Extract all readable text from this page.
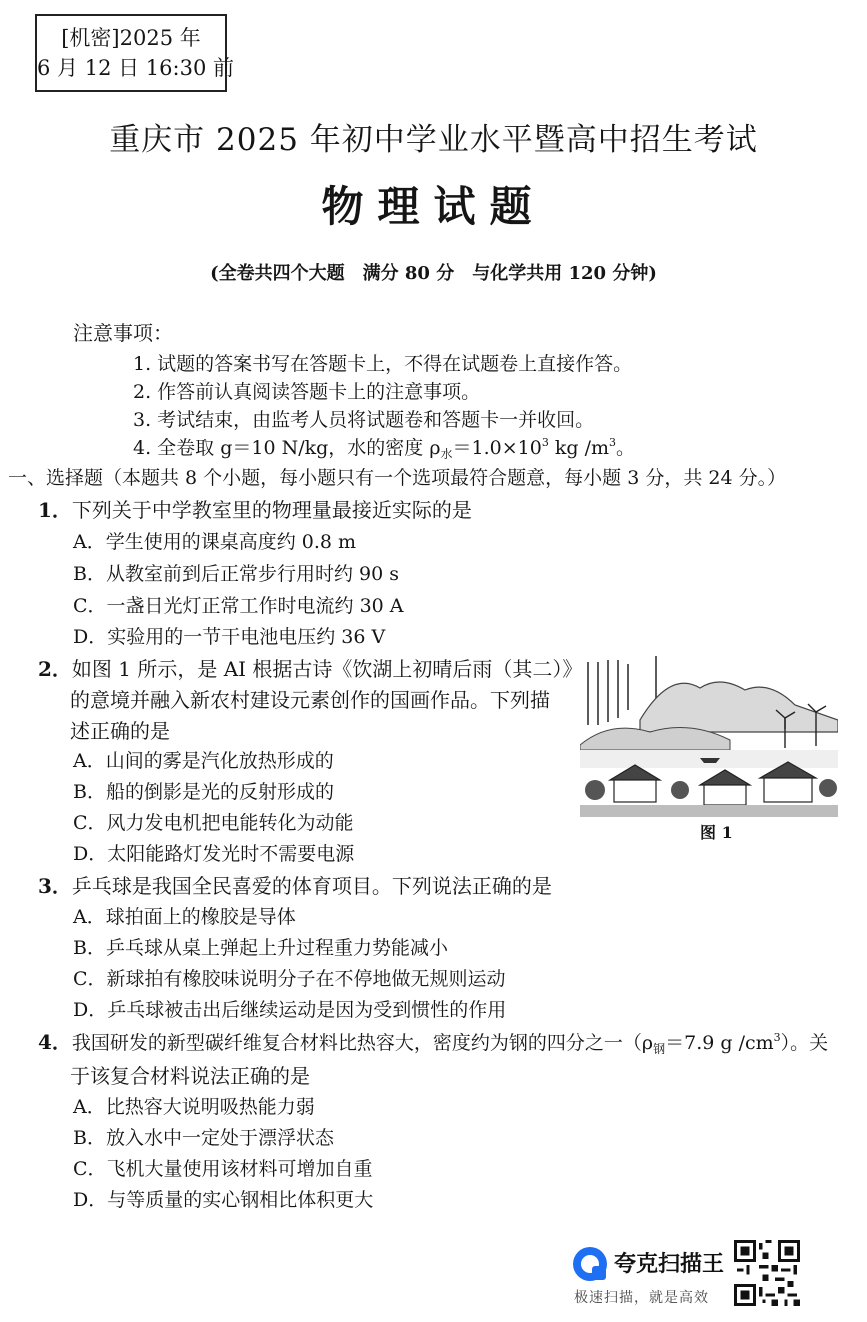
[机密]2025 年
6 月 12 日 16:30 前
重庆市 2025 年初中学业水平暨高中招生考试
物理试题
(全卷共四个大题　满分 80 分　与化学共用 120 分钟)
注意事项：
1. 试题的答案书写在答题卡上，不得在试题卷上直接作答。
2. 作答前认真阅读答题卡上的注意事项。
3. 考试结束，由监考人员将试题卷和答题卡一并收回。
4. 全卷取 g＝10 N/kg，水的密度 $\rho_水=1.0\times 10^3$ kg $/m^3$。
一、选择题（本题共 8 个小题，每小题只有一个选项最符合题意，每小题 3 分，共 24 分。）
1．下列关于中学教室里的物理量最接近实际的是
A．学生使用的课桌高度约 0.8 m
B．从教室前到后正常步行用时约 90 s
C．一盏日光灯正常工作时电流约 30 A
D．实验用的一节干电池电压约 36 V
2．如图 1 所示，是 AI 根据古诗《饮湖上初晴后雨（其二）》
的意境并融入新农村建设元素创作的国画作品。下列描
述正确的是
A．山间的雾是汽化放热形成的
B．船的倒影是光的反射形成的
C．风力发电机把电能转化为动能
D．太阳能路灯发光时不需要电源
图 1
3．乒乓球是我国全民喜爱的体育项目。下列说法正确的是
A．球拍面上的橡胶是导体
B．乒乓球从桌上弹起上升过程重力势能减小
C．新球拍有橡胶味说明分子在不停地做无规则运动
D．乒乓球被击出后继续运动是因为受到惯性的作用
4．我国研发的新型碳纤维复合材料比热容大，密度约为钢的四分之一（$\rho_钢=7.9$ g $/cm^3$）。关
于该复合材料说法正确的是
A．比热容大说明吸热能力弱
B．放入水中一定处于漂浮状态
C．飞机大量使用该材料可增加自重
D．与等质量的实心钢相比体积更大
夸克扫描王
极速扫描，就是高效
